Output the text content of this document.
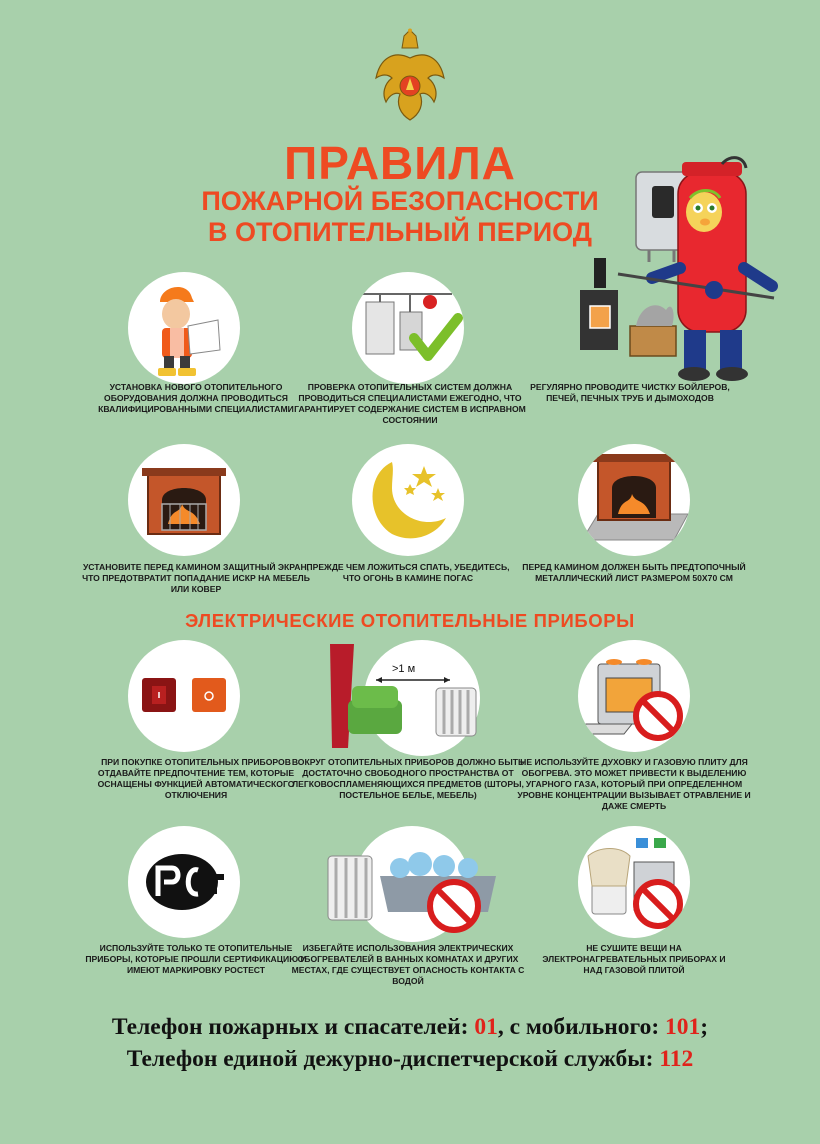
ПРАВИЛА
ПОЖАРНОЙ БЕЗОПАСНОСТИ
В ОТОПИТЕЛЬНЫЙ ПЕРИОД
УСТАНОВКА НОВОГО ОТОПИТЕЛЬНОГО ОБОРУДОВАНИЯ ДОЛЖНА ПРОВОДИТЬСЯ КВАЛИФИЦИРОВАННЫМИ СПЕЦИАЛИСТАМИ
ПРОВЕРКА ОТОПИТЕЛЬНЫХ СИСТЕМ ДОЛЖНА ПРОВОДИТЬСЯ СПЕЦИАЛИСТАМИ ЕЖЕГОДНО, ЧТО ГАРАНТИРУЕТ СОДЕРЖАНИЕ СИСТЕМ В ИСПРАВНОМ СОСТОЯНИИ
РЕГУЛЯРНО ПРОВОДИТЕ ЧИСТКУ БОЙЛЕРОВ, ПЕЧЕЙ, ПЕЧНЫХ ТРУБ И ДЫМОХОДОВ
УСТАНОВИТЕ ПЕРЕД КАМИНОМ ЗАЩИТНЫЙ ЭКРАН, ЧТО ПРЕДОТВРАТИТ ПОПАДАНИЕ ИСКР НА МЕБЕЛЬ ИЛИ КОВЕР
ПРЕЖДЕ ЧЕМ ЛОЖИТЬСЯ СПАТЬ, УБЕДИТЕСЬ, ЧТО ОГОНЬ В КАМИНЕ ПОГАС
ПЕРЕД КАМИНОМ ДОЛЖЕН БЫТЬ ПРЕДТОПОЧНЫЙ МЕТАЛЛИЧЕСКИЙ ЛИСТ РАЗМЕРОМ 50Х70 СМ
ЭЛЕКТРИЧЕСКИЕ ОТОПИТЕЛЬНЫЕ ПРИБОРЫ
>1 м
ПРИ ПОКУПКЕ ОТОПИТЕЛЬНЫХ ПРИБОРОВ ОТДАВАЙТЕ ПРЕДПОЧТЕНИЕ ТЕМ, КОТОРЫЕ ОСНАЩЕНЫ ФУНКЦИЕЙ АВТОМАТИЧЕСКОГО ОТКЛЮЧЕНИЯ
ВОКРУГ ОТОПИТЕЛЬНЫХ ПРИБОРОВ ДОЛЖНО БЫТЬ ДОСТАТОЧНО СВОБОДНОГО ПРОСТРАНСТВА ОТ ЛЕГКОВОСПЛАМЕНЯЮЩИХСЯ ПРЕДМЕТОВ (ШТОРЫ, ПОСТЕЛЬНОЕ БЕЛЬЕ, МЕБЕЛЬ)
НЕ ИСПОЛЬЗУЙТЕ ДУХОВКУ И ГАЗОВУЮ ПЛИТУ ДЛЯ ОБОГРЕВА. ЭТО МОЖЕТ ПРИВЕСТИ К ВЫДЕЛЕНИЮ УГАРНОГО ГАЗА, КОТОРЫЙ ПРИ ОПРЕДЕЛЕННОМ УРОВНЕ КОНЦЕНТРАЦИИ ВЫЗЫВАЕТ ОТРАВЛЕНИЕ И ДАЖЕ СМЕРТЬ
ИСПОЛЬЗУЙТЕ ТОЛЬКО ТЕ ОТОПИТЕЛЬНЫЕ ПРИБОРЫ, КОТОРЫЕ ПРОШЛИ СЕРТИФИКАЦИЮ И ИМЕЮТ МАРКИРОВКУ РОСТЕСТ
ИЗБЕГАЙТЕ ИСПОЛЬЗОВАНИЯ ЭЛЕКТРИЧЕСКИХ ОБОГРЕВАТЕЛЕЙ В ВАННЫХ КОМНАТАХ И ДРУГИХ МЕСТАХ, ГДЕ СУЩЕСТВУЕТ ОПАСНОСТЬ КОНТАКТА С ВОДОЙ
НЕ СУШИТЕ ВЕЩИ НА ЭЛЕКТРОНАГРЕВАТЕЛЬНЫХ ПРИБОРАХ И НАД ГАЗОВОЙ ПЛИТОЙ
Телефон пожарных и спасателей: 01, с мобильного: 101;
Телефон единой дежурно-диспетчерской службы: 112
